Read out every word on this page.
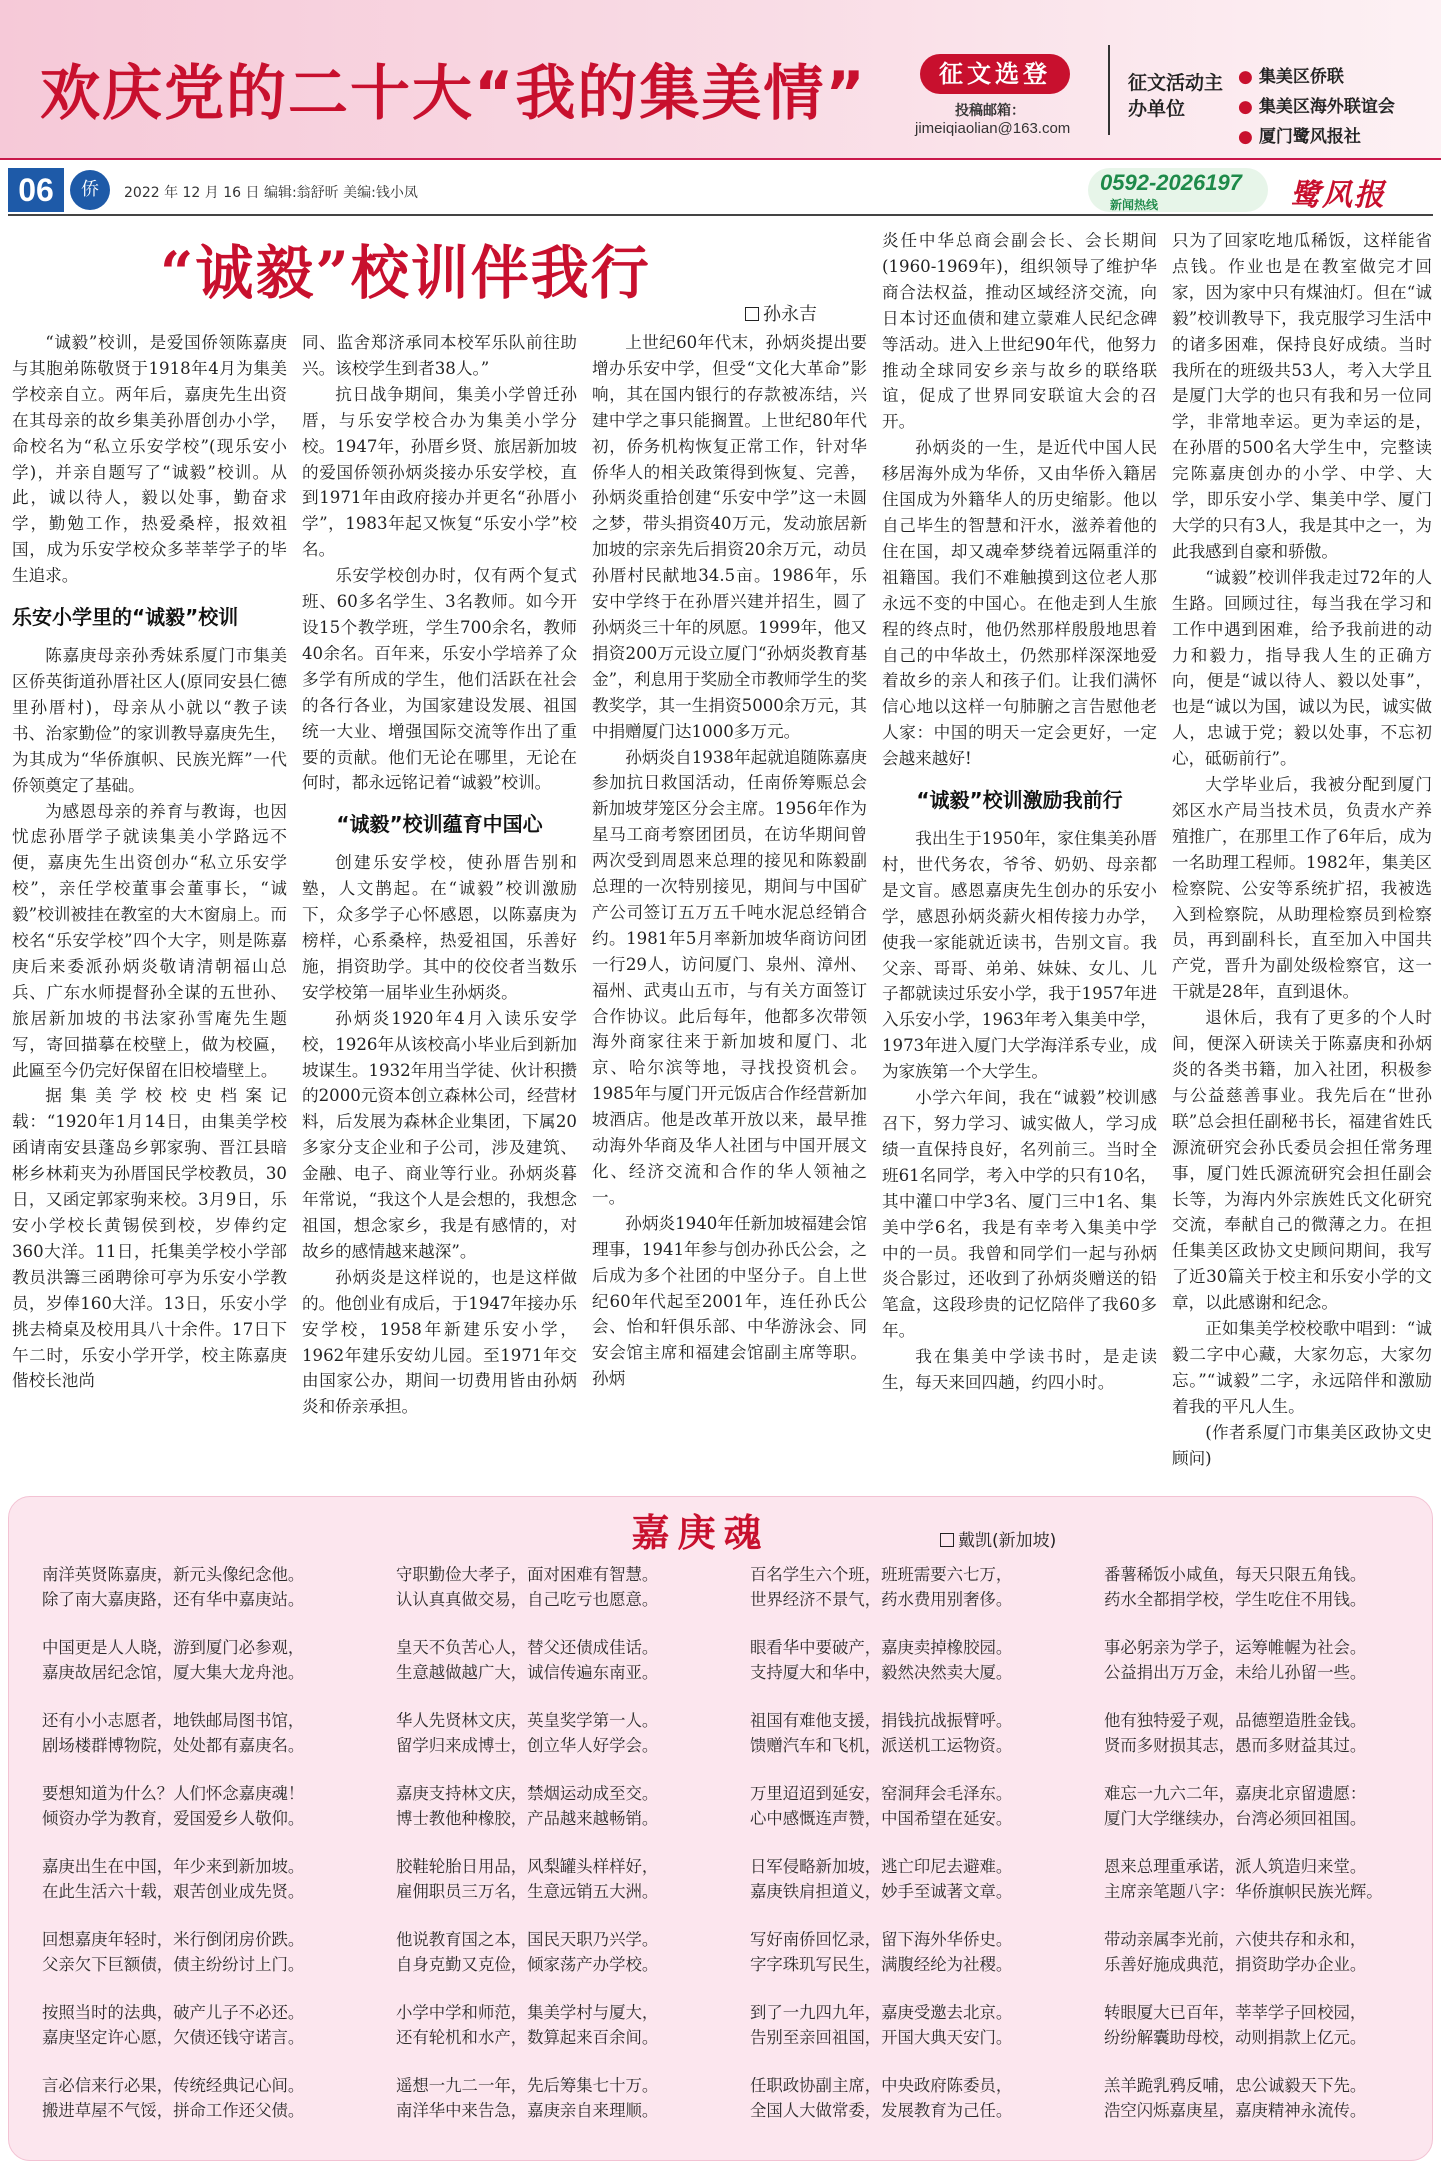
欢庆党的二十大“我的集美情”	征文选登
投稿邮箱：
jimeiqiaolian@163.com
征文活动主办单位
● 集美区侨联
● 集美区海外联谊会
● 厦门鹭风报社
06	侨	2022 年 12 月 16 日 编辑:翁舒昕 美编:钱小凤	0592-2026197
新闻热线	鹭风报
“诚毅”校训伴我行
孙永吉

“诚毅”校训，是爱国侨领陈嘉庚与其胞弟陈敬贤于1918年4月为集美学校亲自立。两年后，嘉庚先生出资在其母亲的故乡集美孙厝创办小学，命校名为“私立乐安学校”(现乐安小学)，并亲自题写了“诚毅”校训。从此，诚以待人，毅以处事，勤奋求学，勤勉工作，热爱桑梓，报效祖国，成为乐安学校众多莘莘学子的毕生追求。

乐安小学里的“诚毅”校训

陈嘉庚母亲孙秀妹系厦门市集美区侨英街道孙厝社区人(原同安县仁德里孙厝村)，母亲从小就以“教子读书、治家勤俭”的家训教导嘉庚先生，为其成为“华侨旗帜、民族光辉”一代侨领奠定了基础。

为感恩母亲的养育与教诲，也因忧虑孙厝学子就读集美小学路远不便，嘉庚先生出资创办“私立乐安学校”，亲任学校董事会董事长，“诚毅”校训被挂在教室的大木窗扇上。而校名“乐安学校”四个大字，则是陈嘉庚后来委派孙炳炎敬请清朝福山总兵、广东水师提督孙全谋的五世孙、旅居新加坡的书法家孙雪庵先生题写，寄回描摹在校壁上，做为校匾，此匾至今仍完好保留在旧校墙壁上。

据集美学校校史档案记载：“1920年1月14日，由集美学校函请南安县蓬岛乡郭家驹、晋江县暗彬乡林莉夹为孙厝国民学校教员，30日，又函定郭家驹来校。3月9日，乐安小学校长黄锡侯到校，岁俸约定360大洋。11日，托集美学校小学部教员洪籌三函聘徐可亭为乐安小学教员，岁俸160大洋。13日，乐安小学挑去椅桌及校用具八十余件。17日下午二时，乐安小学开学，校主陈嘉庚偕校长池尚

同、监舍郑济承同本校军乐队前往助兴。该校学生到者38人。”

抗日战争期间，集美小学曾迁孙厝，与乐安学校合办为集美小学分校。1947年，孙厝乡贤、旅居新加坡的爱国侨领孙炳炎接办乐安学校，直到1971年由政府接办并更名“孙厝小学”，1983年起又恢复“乐安小学”校名。

乐安学校创办时，仅有两个复式班、60多名学生、3名教师。如今开设15个教学班，学生700余名，教师40余名。百年来，乐安小学培养了众多学有所成的学生，他们活跃在社会的各行各业，为国家建设发展、祖国统一大业、增强国际交流等作出了重要的贡献。他们无论在哪里，无论在何时，都永远铭记着“诚毅”校训。

“诚毅”校训蕴育中国心

创建乐安学校，使孙厝告别和塾，人文鹊起。在“诚毅”校训激励下，众多学子心怀感恩，以陈嘉庚为榜样，心系桑梓，热爱祖国，乐善好施，捐资助学。其中的佼佼者当数乐安学校第一届毕业生孙炳炎。

孙炳炎1920年4月入读乐安学校，1926年从该校高小毕业后到新加坡谋生。1932年用当学徒、伙计积攒的2000元资本创立森林公司，经营材料，后发展为森林企业集团，下属20多家分支企业和子公司，涉及建筑、金融、电子、商业等行业。孙炳炎暮年常说，“我这个人是会想的，我想念祖国，想念家乡，我是有感情的，对故乡的感情越来越深”。

孙炳炎是这样说的，也是这样做的。他创业有成后，于1947年接办乐安学校，1958年新建乐安小学，1962年建乐安幼儿园。至1971年交由国家公办，期间一切费用皆由孙炳炎和侨亲承担。

上世纪60年代末，孙炳炎提出要增办乐安中学，但受“文化大革命”影响，其在国内银行的存款被冻结，兴建中学之事只能搁置。上世纪80年代初，侨务机构恢复正常工作，针对华侨华人的相关政策得到恢复、完善，孙炳炎重拾创建“乐安中学”这一未圆之梦，带头捐资40万元，发动旅居新加坡的宗亲先后捐资20余万元，动员孙厝村民献地34.5亩。1986年，乐安中学终于在孙厝兴建并招生，圆了孙炳炎三十年的夙愿。1999年，他又捐资200万元设立厦门“孙炳炎教育基金”，利息用于奖励全市教师学生的奖教奖学，其一生捐资5000余万元，其中捐赠厦门达1000多万元。

孙炳炎自1938年起就追随陈嘉庚参加抗日救国活动，任南侨筹赈总会新加坡芽笼区分会主席。1956年作为星马工商考察团团员，在访华期间曾两次受到周恩来总理的接见和陈毅副总理的一次特别接见，期间与中国矿产公司签订五万五千吨水泥总经销合约。1981年5月率新加坡华商访问团一行29人，访问厦门、泉州、漳州、福州、武夷山五市，与有关方面签订合作协议。此后每年，他都多次带领海外商家往来于新加坡和厦门、北京、哈尔滨等地，寻找投资机会。1985年与厦门开元饭店合作经营新加坡酒店。他是改革开放以来，最早推动海外华商及华人社团与中国开展文化、经济交流和合作的华人领袖之一。

孙炳炎1940年任新加坡福建会馆理事，1941年参与创办孙氏公会，之后成为多个社团的中坚分子。自上世纪60年代起至2001年，连任孙氏公会、怡和轩俱乐部、中华游泳会、同安会馆主席和福建会馆副主席等职。孙炳

炎任中华总商会副会长、会长期间(1960-1969年)，组织领导了维护华商合法权益，推动区域经济交流，向日本讨还血债和建立蒙难人民纪念碑等活动。进入上世纪90年代，他努力推动全球同安乡亲与故乡的联络联谊，促成了世界同安联谊大会的召开。

孙炳炎的一生，是近代中国人民移居海外成为华侨，又由华侨入籍居住国成为外籍华人的历史缩影。他以自己毕生的智慧和汗水，滋养着他的住在国，却又魂牵梦绕着远隔重洋的祖籍国。我们不难触摸到这位老人那永远不变的中国心。在他走到人生旅程的终点时，他仍然那样殷殷地思着自己的中华故土，仍然那样深深地爱着故乡的亲人和孩子们。让我们满怀信心地以这样一句肺腑之言告慰他老人家：中国的明天一定会更好，一定会越来越好!

“诚毅”校训激励我前行

我出生于1950年，家住集美孙厝村，世代务农，爷爷、奶奶、母亲都是文盲。感恩嘉庚先生创办的乐安小学，感恩孙炳炎薪火相传接力办学，使我一家能就近读书，告别文盲。我父亲、哥哥、弟弟、妹妹、女儿、儿子都就读过乐安小学，我于1957年进入乐安小学，1963年考入集美中学，1973年进入厦门大学海洋系专业，成为家族第一个大学生。

小学六年间，我在“诚毅”校训感召下，努力学习、诚实做人，学习成绩一直保持良好，名列前三。当时全班61名同学，考入中学的只有10名，其中灌口中学3名、厦门三中1名、集美中学6名，我是有幸考入集美中学中的一员。我曾和同学们一起与孙炳炎合影过，还收到了孙炳炎赠送的铅笔盒，这段珍贵的记忆陪伴了我60多年。

我在集美中学读书时，是走读生，每天来回四趟，约四小时。

只为了回家吃地瓜稀饭，这样能省点钱。作业也是在教室做完才回家，因为家中只有煤油灯。但在“诚毅”校训教导下，我克服学习生活中的诸多困难，保持良好成绩。当时我所在的班级共53人，考入大学且是厦门大学的也只有我和另一位同学，非常地幸运。更为幸运的是，在孙厝的500名大学生中，完整读完陈嘉庚创办的小学、中学、大学，即乐安小学、集美中学、厦门大学的只有3人，我是其中之一，为此我感到自豪和骄傲。

“诚毅”校训伴我走过72年的人生路。回顾过往，每当我在学习和工作中遇到困难，给予我前进的动力和毅力，指导我人生的正确方向，便是“诚以待人、毅以处事”，也是“诚以为国，诚以为民，诚实做人，忠诚于党；毅以处事，不忘初心，砥砺前行”。

大学毕业后，我被分配到厦门郊区水产局当技术员，负责水产养殖推广，在那里工作了6年后，成为一名助理工程师。1982年，集美区检察院、公安等系统扩招，我被选入到检察院，从助理检察员到检察员，再到副科长，直至加入中国共产党，晋升为副处级检察官，这一干就是28年，直到退休。

退休后，我有了更多的个人时间，便深入研读关于陈嘉庚和孙炳炎的各类书籍，加入社团，积极参与公益慈善事业。我先后在“世孙联”总会担任副秘书长，福建省姓氏源流研究会孙氏委员会担任常务理事，厦门姓氏源流研究会担任副会长等，为海内外宗族姓氏文化研究交流，奉献自己的微薄之力。在担任集美区政协文史顾问期间，我写了近30篇关于校主和乐安小学的文章，以此感谢和纪念。

正如集美学校校歌中唱到：“诚毅二字中心藏，大家勿忘，大家勿忘。”“诚毅”二字，永远陪伴和激励着我的平凡人生。

(作者系厦门市集美区政协文史顾问)

嘉庚魂	戴凯(新加坡)
南洋英贤陈嘉庚，新元头像纪念他。
除了南大嘉庚路，还有华中嘉庚站。
中国更是人人晓，游到厦门必参观，
嘉庚故居纪念馆，厦大集大龙舟池。
还有小小志愿者，地铁邮局图书馆，
剧场楼群博物院，处处都有嘉庚名。
要想知道为什么？人们怀念嘉庚魂！
倾资办学为教育，爱国爱乡人敬仰。
嘉庚出生在中国，年少来到新加坡。
在此生活六十载，艰苦创业成先贤。
回想嘉庚年轻时，米行倒闭房价跌。
父亲欠下巨额债，债主纷纷讨上门。
按照当时的法典，破产儿子不必还。
嘉庚坚定许心愿，欠债还钱守诺言。
言必信来行必果，传统经典记心间。
搬进草屋不气馁，拼命工作还父债。
守职勤俭大孝子，面对困难有智慧。
认认真真做交易，自己吃亏也愿意。
皇天不负苦心人，替父还债成佳话。
生意越做越广大，诚信传遍东南亚。
华人先贤林文庆，英皇奖学第一人。
留学归来成博士，创立华人好学会。
嘉庚支持林文庆，禁烟运动成至交。
博士教他种橡胶，产品越来越畅销。
胶鞋轮胎日用品，风梨罐头样样好，
雇佣职员三万名，生意远销五大洲。
他说教育国之本，国民天职乃兴学。
自身克勤又克俭，倾家荡产办学校。
小学中学和师范，集美学村与厦大，
还有轮机和水产，数算起来百余间。
遥想一九二一年，先后筹集七十万。
南洋华中来告急，嘉庚亲自来理顺。
百名学生六个班，班班需要六七万，
世界经济不景气，药水费用别奢侈。
眼看华中要破产，嘉庚卖掉橡胶园。
支持厦大和华中，毅然决然卖大厦。
祖国有难他支援，捐钱抗战振臂呼。
馈赠汽车和飞机，派送机工运物资。
万里迢迢到延安，窑洞拜会毛泽东。
心中感慨连声赞，中国希望在延安。
日军侵略新加坡，逃亡印尼去避难。
嘉庚铁肩担道义，妙手至诚著文章。
写好南侨回忆录，留下海外华侨史。
字字珠玑写民生，满腹经纶为社稷。
到了一九四九年，嘉庚受邀去北京。
告别至亲回祖国，开国大典天安门。
任职政协副主席，中央政府陈委员，
全国人大做常委，发展教育为己任。
番薯稀饭小咸鱼，每天只限五角钱。
药水全都捐学校，学生吃住不用钱。
事必躬亲为学子，运筹帷幄为社会。
公益捐出万万金，未给儿孙留一些。
他有独特爱子观，品德塑造胜金钱。
贤而多财损其志，愚而多财益其过。
难忘一九六二年，嘉庚北京留遗愿：
厦门大学继续办，台湾必须回祖国。
恩来总理重承诺，派人筑造归来堂。
主席亲笔题八字：华侨旗帜民族光辉。
带动亲属李光前，六使共存和永和，
乐善好施成典范，捐资助学办企业。
转眼厦大已百年，莘莘学子回校园，
纷纷解囊助母校，动则捐款上亿元。
羔羊跪乳鸦反哺，忠公诚毅天下先。
浩空闪烁嘉庚星，嘉庚精神永流传。
